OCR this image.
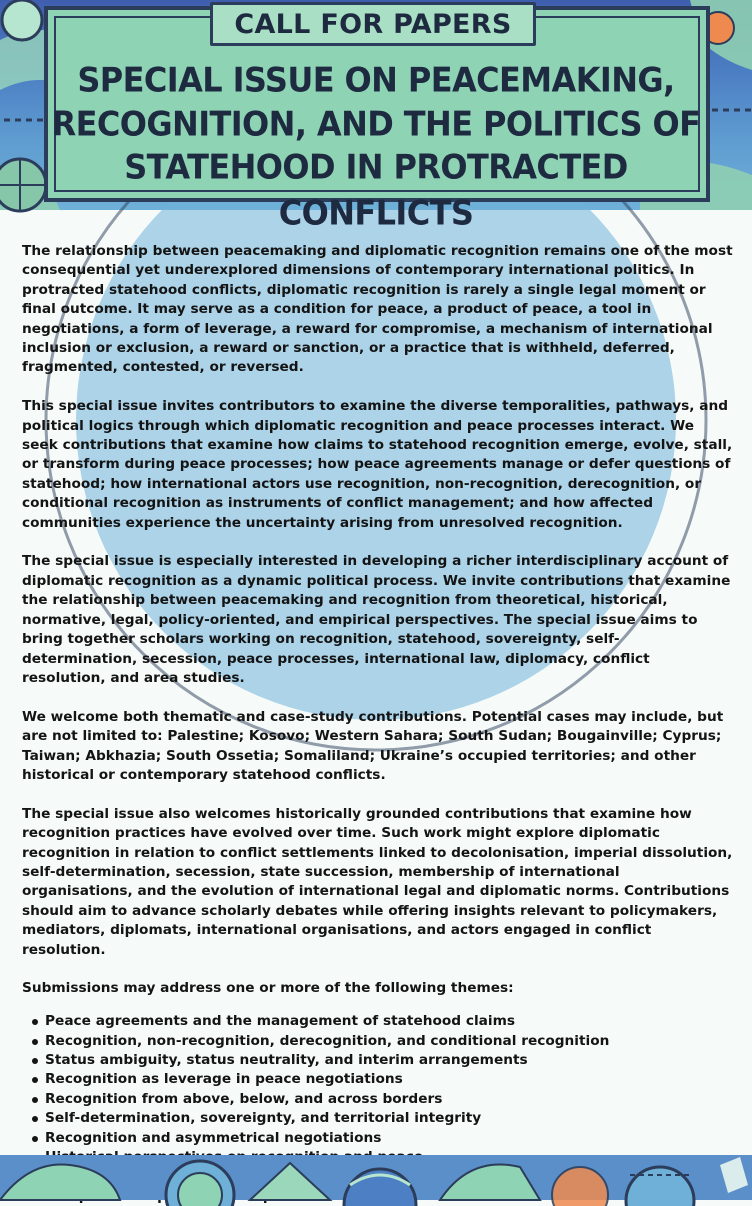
CALL FOR PAPERS
SPECIAL ISSUE ON PEACEMAKING,
RECOGNITION, AND THE POLITICS OF
STATEHOOD IN PROTRACTED CONFLICTS

The relationship between peacemaking and diplomatic recognition remains one of the most consequential yet underexplored dimensions of contemporary international politics. In protracted statehood conflicts, diplomatic recognition is rarely a single legal moment or final outcome. It may serve as a condition for peace, a product of peace, a tool in negotiations, a form of leverage, a reward for compromise, a mechanism of international inclusion or exclusion, a reward or sanction, or a practice that is withheld, deferred, fragmented, contested, or reversed.

This special issue invites contributors to examine the diverse temporalities, pathways, and political logics through which diplomatic recognition and peace processes interact. We seek contributions that examine how claims to statehood recognition emerge, evolve, stall, or transform during peace processes; how peace agreements manage or defer questions of statehood; how international actors use recognition, non-recognition, derecognition, or conditional recognition as instruments of conflict management; and how affected communities experience the uncertainty arising from unresolved recognition.

The special issue is especially interested in developing a richer interdisciplinary account of diplomatic recognition as a dynamic political process. We invite contributions that examine the relationship between peacemaking and recognition from theoretical, historical, normative, legal, policy-oriented, and empirical perspectives. The special issue aims to bring together scholars working on recognition, statehood, sovereignty, self-determination, secession, peace processes, international law, diplomacy, conflict resolution, and area studies.

We welcome both thematic and case-study contributions. Potential cases may include, but are not limited to: Palestine; Kosovo; Western Sahara; South Sudan; Bougainville; Cyprus; Taiwan; Abkhazia; South Ossetia; Somaliland; Ukraine’s occupied territories; and other historical or contemporary statehood conflicts.

The special issue also welcomes historically grounded contributions that examine how recognition practices have evolved over time. Such work might explore diplomatic recognition in relation to conflict settlements linked to decolonisation, imperial dissolution, self-determination, secession, state succession, membership of international organisations, and the evolution of international legal and diplomatic norms. Contributions should aim to advance scholarly debates while offering insights relevant to policymakers, mediators, diplomats, international organisations, and actors engaged in conflict resolution.

Submissions may address one or more of the following themes:

Peace agreements and the management of statehood claims
Recognition, non-recognition, derecognition, and conditional recognition
Status ambiguity, status neutrality, and interim arrangements
Recognition as leverage in peace negotiations
Recognition from above, below, and across borders
Self-determination, sovereignty, and territorial integrity
Recognition and asymmetrical negotiations
